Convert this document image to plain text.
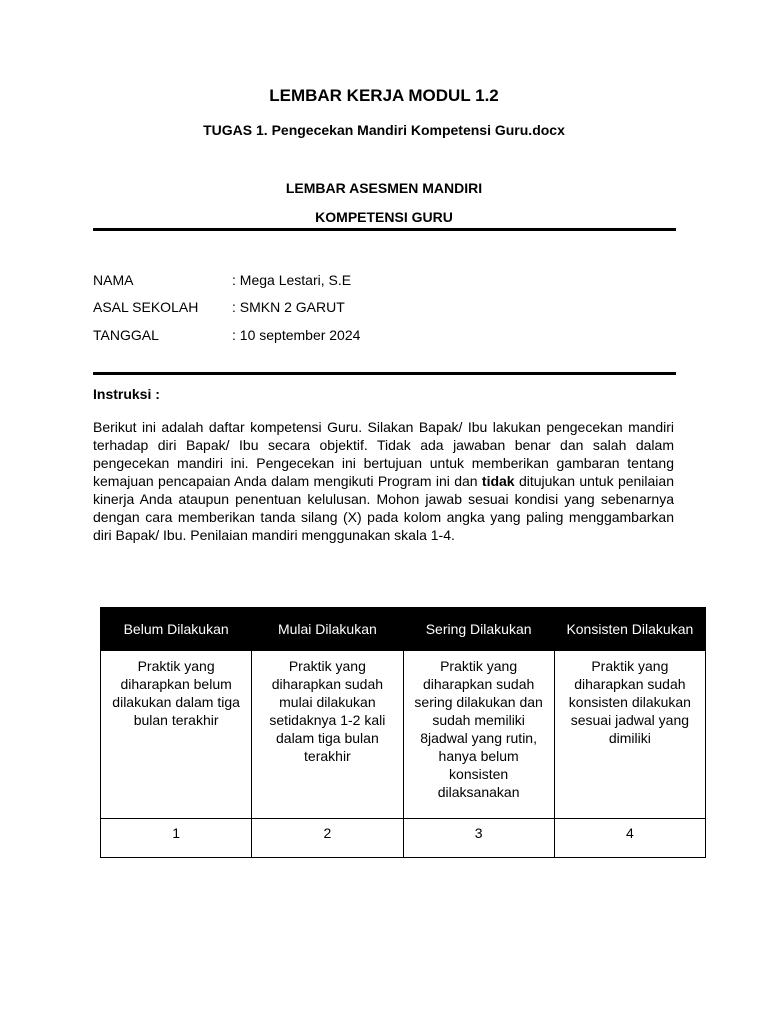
LEMBAR KERJA MODUL 1.2
TUGAS 1. Pengecekan Mandiri Kompetensi Guru.docx
LEMBAR ASESMEN MANDIRI
KOMPETENSI GURU
NAMA	: Mega Lestari, S.E
ASAL SEKOLAH	: SMKN 2 GARUT
TANGGAL	: 10 september 2024
Instruksi :
Berikut ini adalah daftar kompetensi Guru. Silakan Bapak/ Ibu lakukan pengecekan mandiri terhadap diri Bapak/ Ibu secara objektif. Tidak ada jawaban benar dan salah dalam pengecekan mandiri ini. Pengecekan ini bertujuan untuk memberikan gambaran tentang kemajuan pencapaian Anda dalam mengikuti Program ini dan tidak ditujukan untuk penilaian kinerja Anda ataupun penentuan kelulusan. Mohon jawab sesuai kondisi yang sebenarnya dengan cara memberikan tanda silang (X) pada kolom angka yang paling menggambarkan diri Bapak/ Ibu. Penilaian mandiri menggunakan skala 1-4.
Belum Dilakukan	Mulai Dilakukan	Sering Dilakukan	Konsisten Dilakukan
Praktik yang diharapkan belum dilakukan dalam tiga bulan terakhir	Praktik yang diharapkan sudah mulai dilakukan setidaknya 1-2 kali dalam tiga bulan terakhir	Praktik yang diharapkan sudah sering dilakukan dan sudah memiliki 8jadwal yang rutin, hanya belum konsisten dilaksanakan	Praktik yang diharapkan sudah konsisten dilakukan sesuai jadwal yang dimiliki
1	2	3	4
